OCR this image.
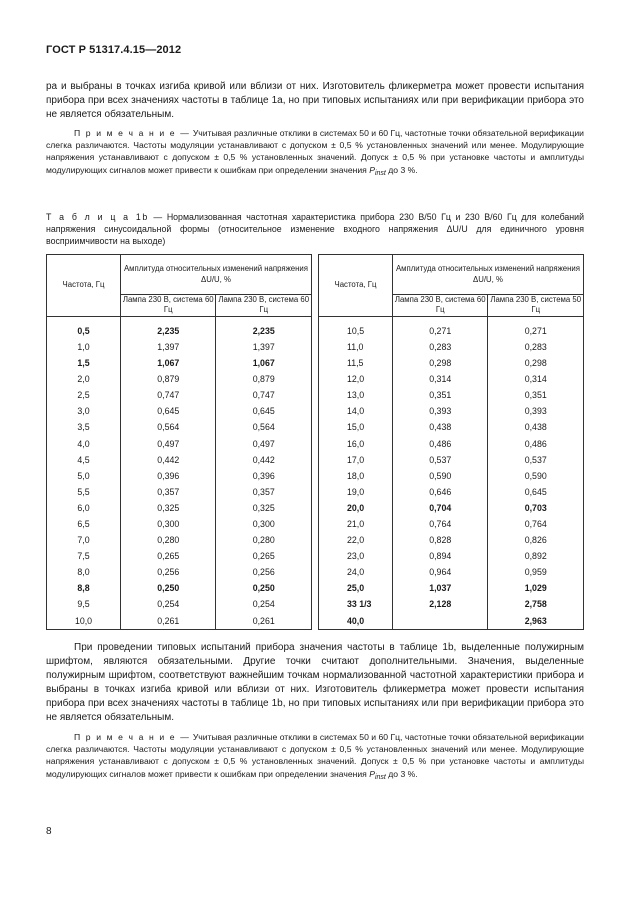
ГОСТ Р 51317.4.15—2012
ра и выбраны в точках изгиба кривой или вблизи от них. Изготовитель фликерметра может провести испытания прибора при всех значениях частоты в таблице 1а, но при типовых испытаниях или при верификации прибора это не является обязательным.
П р и м е ч а н и е — Учитывая различные отклики в системах 50 и 60 Гц, частотные точки обязательной верификации слегка различаются. Частоты модуляции устанавливают с допуском ± 0,5 % установленных значений или менее. Модулирующие напряжения устанавливают с допуском ± 0,5 % установленных значений. Допуск ± 0,5 % при установке частоты и амплитуды модулирующих сигналов может привести к ошибкам при определении значения $P_{inst}$ до 3 %.
Т а б л и ц а 1b — Нормализованная частотная характеристика прибора 230 В/50 Гц и 230 В/60 Гц для колебаний напряжения синусоидальной формы (относительное изменение входного напряжения ΔU/U для единичного уровня восприимчивости на выходе)
Частота, Гц	Амплитуда относительных изменений напряжения ΔU/U, %			Частота, Гц	Амплитуда относительных изменений напряжения ΔU/U, %	
	Лампа 230 В, система 60 Гц	Лампа 230 В, система 60 Гц			Лампа 230 В, система 60 Гц	Лампа 230 В, система 50 Гц
0,5	2,235	2,235		10,5	0,271	0,271
1,0	1,397	1,397		11,0	0,283	0,283
1,5	1,067	1,067		11,5	0,298	0,298
2,0	0,879	0,879		12,0	0,314	0,314
2,5	0,747	0,747		13,0	0,351	0,351
3,0	0,645	0,645		14,0	0,393	0,393
3,5	0,564	0,564		15,0	0,438	0,438
4,0	0,497	0,497		16,0	0,486	0,486
4,5	0,442	0,442		17,0	0,537	0,537
5,0	0,396	0,396		18,0	0,590	0,590
5,5	0,357	0,357		19,0	0,646	0,645
6,0	0,325	0,325		20,0	0,704	0,703
6,5	0,300	0,300		21,0	0,764	0,764
7,0	0,280	0,280		22,0	0,828	0,826
7,5	0,265	0,265		23,0	0,894	0,892
8,0	0,256	0,256		24,0	0,964	0,959
8,8	0,250	0,250		25,0	1,037	1,029
9,5	0,254	0,254		33 1/3	2,128	2,758
10,0	0,261	0,261		40,0		2,963
При проведении типовых испытаний прибора значения частоты в таблице 1b, выделенные полужирным шрифтом, являются обязательными. Другие точки считают дополнительными. Значения, выделенные полужирным шрифтом, соответствуют важнейшим точкам нормализованной частотной характеристики прибора и выбраны в точках изгиба кривой или вблизи от них. Изготовитель фликерметра может провести испытания прибора при всех значениях частоты в таблице 1b, но при типовых испытаниях или при верификации прибора это не является обязательным.
П р и м е ч а н и е — Учитывая различные отклики в системах 50 и 60 Гц, частотные точки обязательной верификации слегка различаются. Частоты модуляции устанавливают с допуском ± 0,5 % установленных значений или менее. Модулирующие напряжения устанавливают с допуском ± 0,5 % установленных значений. Допуск ± 0,5 % при установке частоты и амплитуды модулирующих сигналов может привести к ошибкам при определении значения $P_{inst}$ до 3 %.
8
